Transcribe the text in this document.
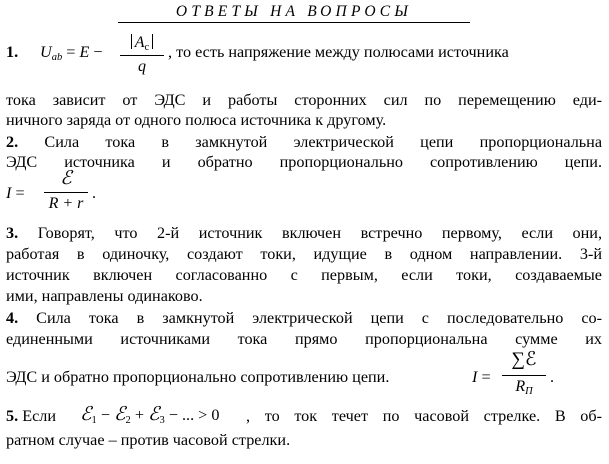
ОТВЕТЫ НА ВОПРОСЫ
1. Uab = E −
$A_с$
q
, то есть напряжение между полюсами источника
тока зависит от ЭДС и работы сторонних сил по перемещению еди-
ничного заряда от одного полюса источника к другому.
2. Сила тока в замкнутой электрической цепи пропорциональна
ЭДС источника и обратно пропорционально сопротивлению цепи.
I =
ℰ
R + r
.
3. Говорят, что 2-й источник включен встречно первому, если они,
работая в одиночку, создают токи, идущие в одном направлении. 3-й
источник включен согласованно с первым, если токи, создаваемые
ими, направлены одинаково.
4. Сила тока в замкнутой электрической цепи с последовательно со-
единенными источниками тока прямо пропорциональна сумме их
ЭДС и обратно пропорционально сопротивлению цепи.	I =
∑ℰ
RП
.
5. Если ℰ$_1$ − ℰ$_2$ + ℰ$_3$ − ... > 0 , то ток течет по часовой стрелке. В об-
ратном случае – против часовой стрелки.
